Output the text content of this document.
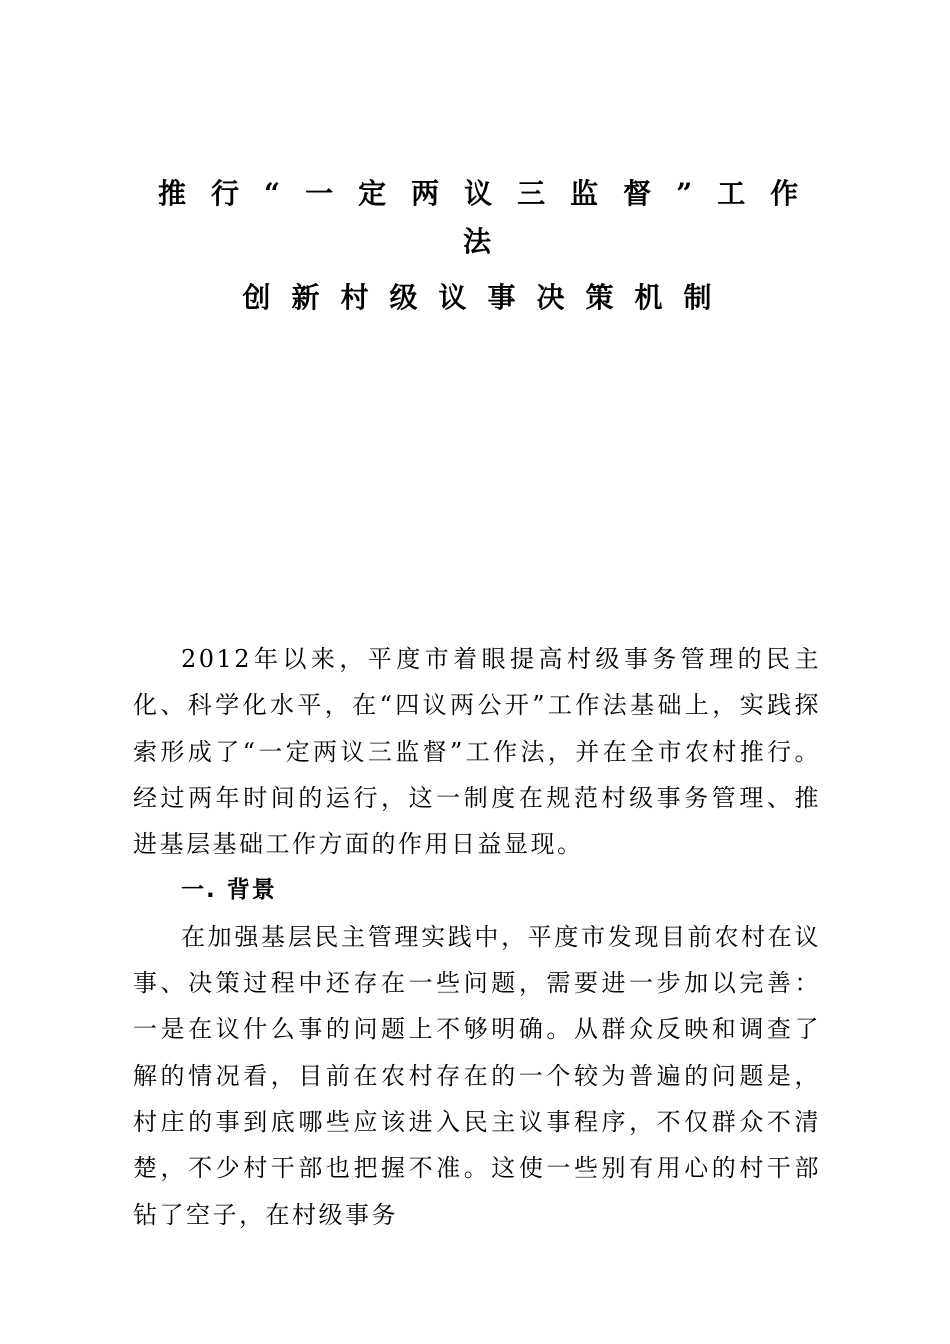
推行“一定两议三监督”工作
法
创新村级议事决策机制

2012年以来，平度市着眼提高村级事务管理的民主化、科学化水平，在“四议两公开”工作法基础上，实践探索形成了“一定两议三监督”工作法，并在全市农村推行。经过两年时间的运行，这一制度在规范村级事务管理、推进基层基础工作方面的作用日益显现。

一. 背景

在加强基层民主管理实践中，平度市发现目前农村在议事、决策过程中还存在一些问题，需要进一步加以完善：一是在议什么事的问题上不够明确。从群众反映和调查了解的情况看，目前在农村存在的一个较为普遍的问题是，村庄的事到底哪些应该进入民主议事程序，不仅群众不清楚，不少村干部也把握不准。这使一些别有用心的村干部钻了空子，在村级事务
